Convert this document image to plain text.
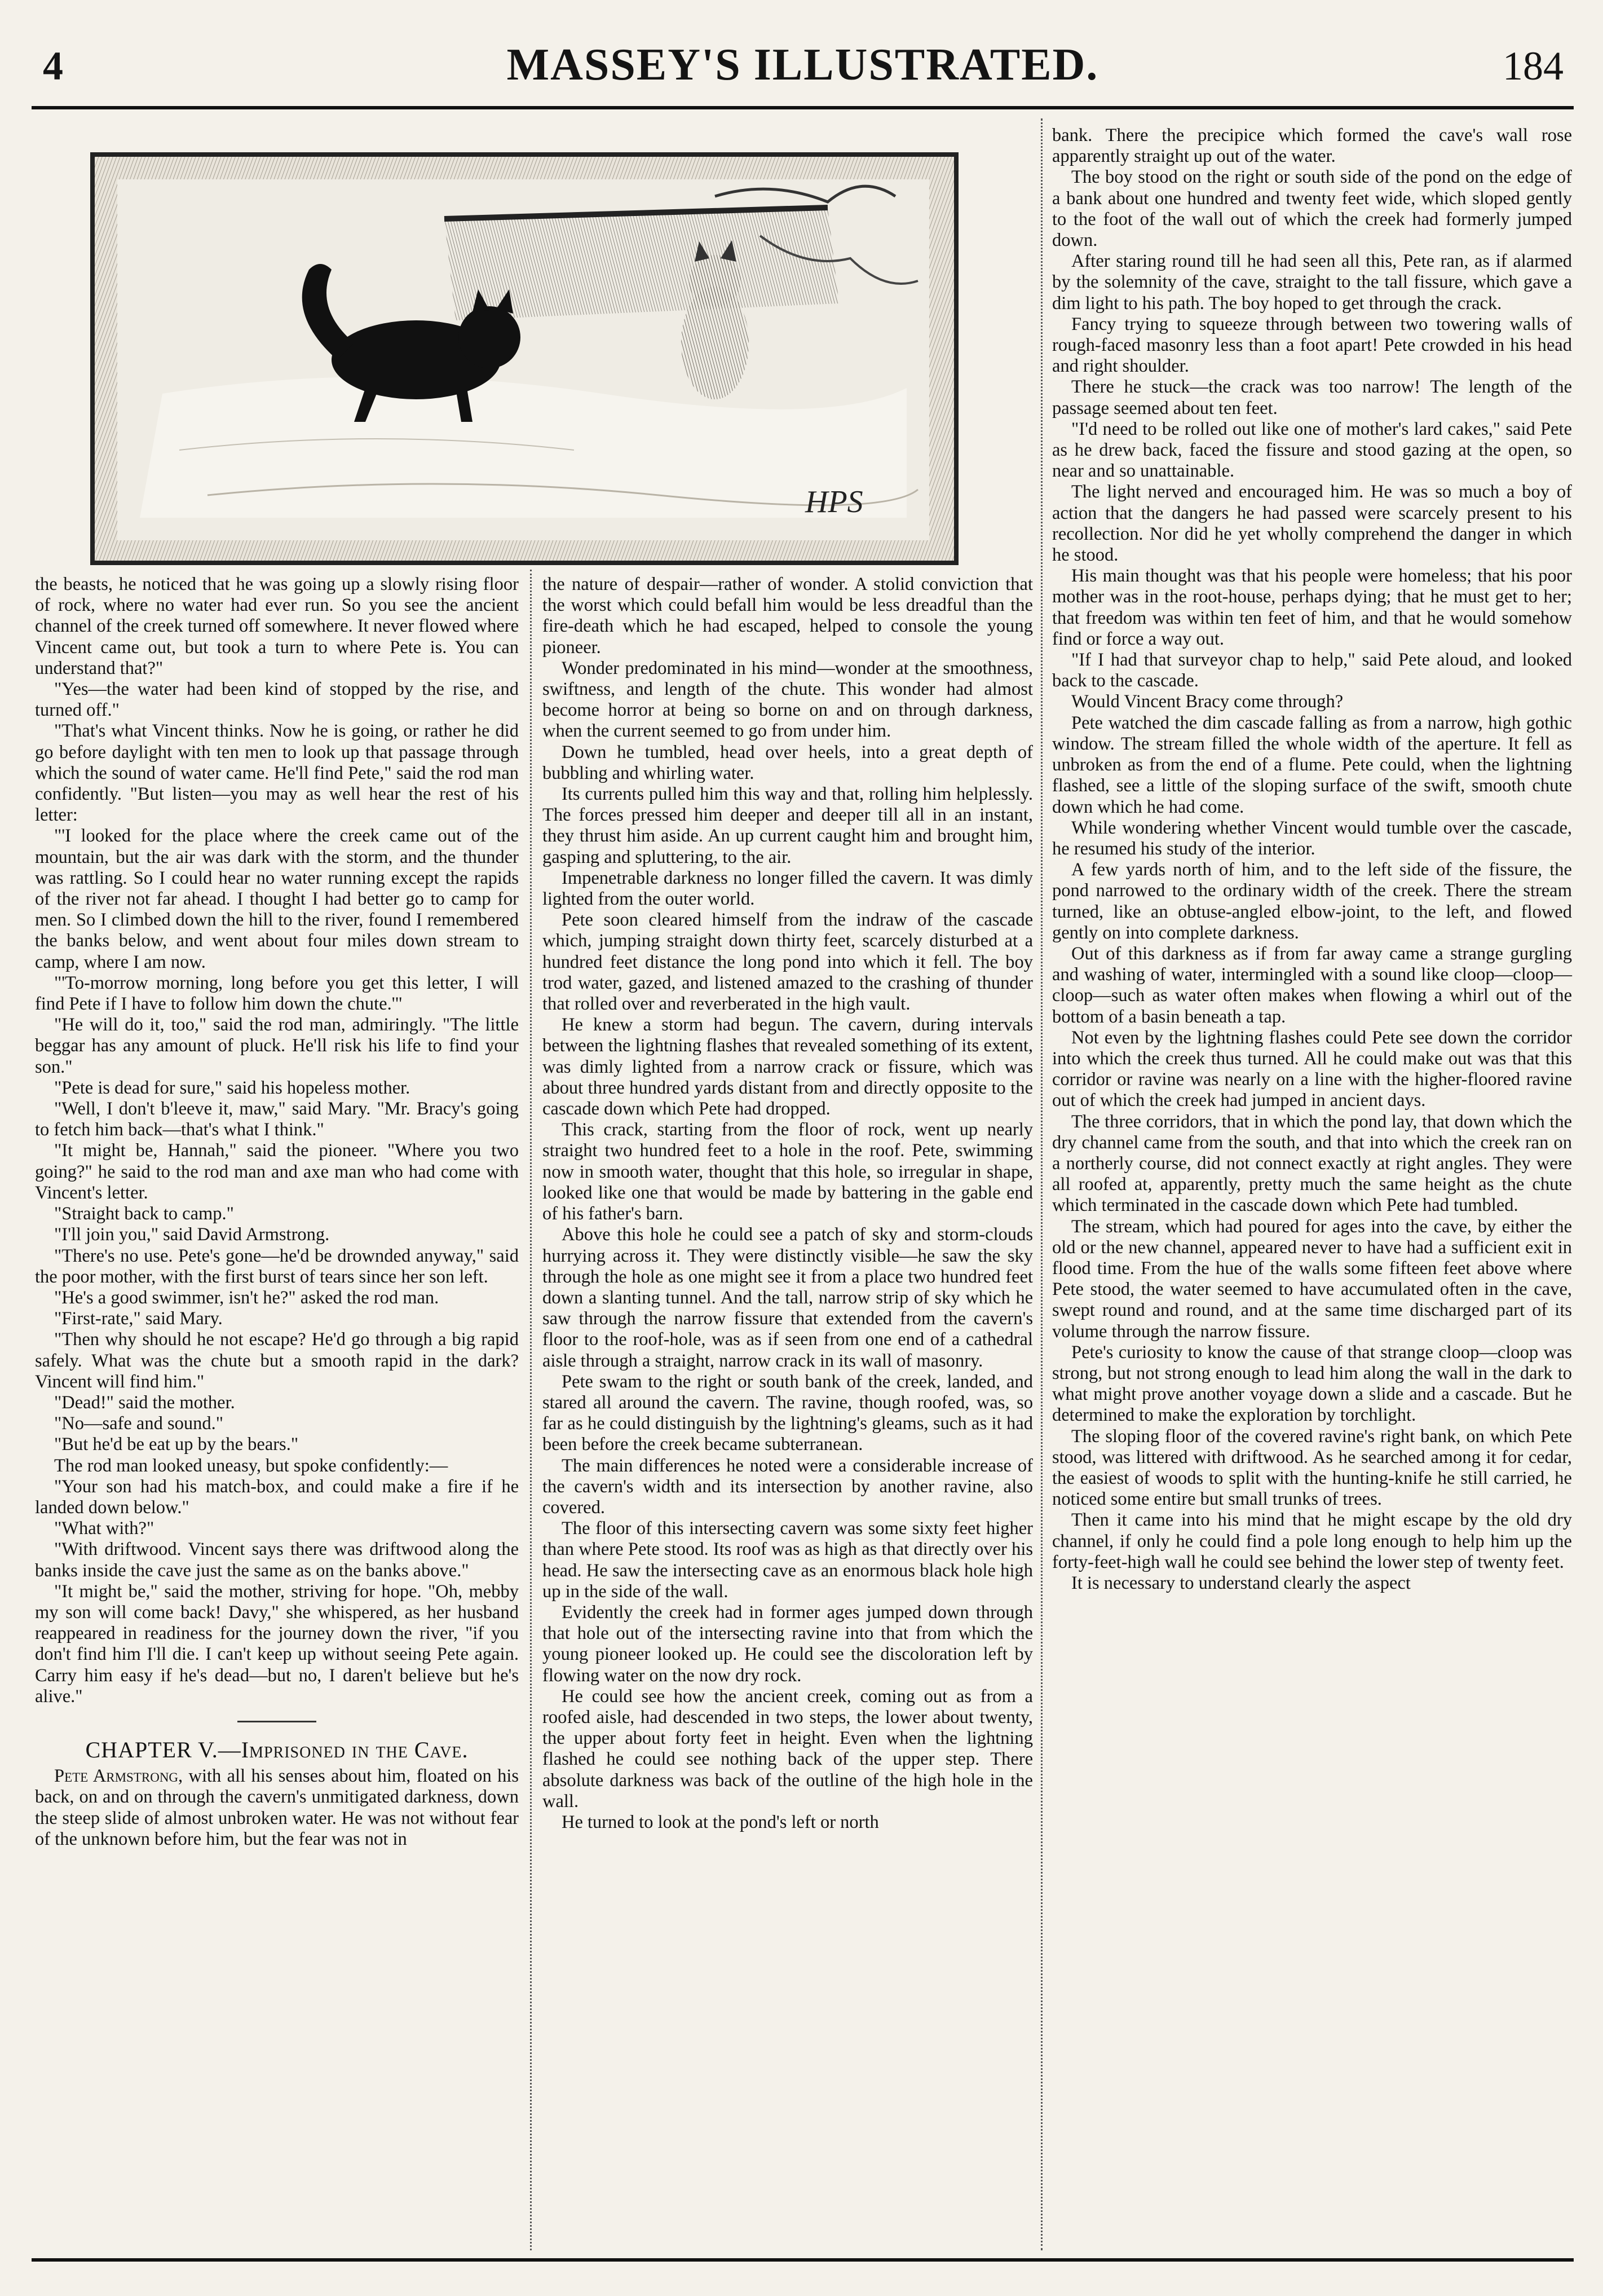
4	MASSEY'S ILLUSTRATED.	184
HPS

the beasts, he noticed that he was going up a slowly rising floor of rock, where no water had ever run. So you see the ancient channel of the creek turned off somewhere. It never flowed where Vincent came out, but took a turn to where Pete is. You can understand that?"

"Yes—the water had been kind of stopped by the rise, and turned off."

"That's what Vincent thinks. Now he is going, or rather he did go before daylight with ten men to look up that passage through which the sound of water came. He'll find Pete," said the rod man confidently. "But listen—you may as well hear the rest of his letter:

"'I looked for the place where the creek came out of the mountain, but the air was dark with the storm, and the thunder was rattling. So I could hear no water running except the rapids of the river not far ahead. I thought I had better go to camp for men. So I climbed down the hill to the river, found I remembered the banks below, and went about four miles down stream to camp, where I am now.

"'To-morrow morning, long before you get this letter, I will find Pete if I have to follow him down the chute.'"

"He will do it, too," said the rod man, admiringly. "The little beggar has any amount of pluck. He'll risk his life to find your son."

"Pete is dead for sure," said his hopeless mother.

"Well, I don't b'leeve it, maw," said Mary. "Mr. Bracy's going to fetch him back—that's what I think."

"It might be, Hannah," said the pioneer. "Where you two going?" he said to the rod man and axe man who had come with Vincent's letter.

"Straight back to camp."

"I'll join you," said David Armstrong.

"There's no use. Pete's gone—he'd be drownded anyway," said the poor mother, with the first burst of tears since her son left.

"He's a good swimmer, isn't he?" asked the rod man.

"First-rate," said Mary.

"Then why should he not escape? He'd go through a big rapid safely. What was the chute but a smooth rapid in the dark? Vincent will find him."

"Dead!" said the mother.

"No—safe and sound."

"But he'd be eat up by the bears."

The rod man looked uneasy, but spoke confidently:—

"Your son had his match-box, and could make a fire if he landed down below."

"What with?"

"With driftwood. Vincent says there was driftwood along the banks inside the cave just the same as on the banks above."

"It might be," said the mother, striving for hope. "Oh, mebby my son will come back! Davy," she whispered, as her husband reappeared in readiness for the journey down the river, "if you don't find him I'll die. I can't keep up without seeing Pete again. Carry him easy if he's dead—but no, I daren't believe but he's alive."

CHAPTER V.—Imprisoned in the Cave.

Pete Armstrong, with all his senses about him, floated on his back, on and on through the cavern's unmitigated darkness, down the steep slide of almost unbroken water. He was not without fear of the unknown before him, but the fear was not in

the nature of despair—rather of wonder. A stolid conviction that the worst which could befall him would be less dreadful than the fire-death which he had escaped, helped to console the young pioneer.

Wonder predominated in his mind—wonder at the smoothness, swiftness, and length of the chute. This wonder had almost become horror at being so borne on and on through darkness, when the current seemed to go from under him.

Down he tumbled, head over heels, into a great depth of bubbling and whirling water.

Its currents pulled him this way and that, rolling him helplessly. The forces pressed him deeper and deeper till all in an instant, they thrust him aside. An up current caught him and brought him, gasping and spluttering, to the air.

Impenetrable darkness no longer filled the cavern. It was dimly lighted from the outer world.

Pete soon cleared himself from the indraw of the cascade which, jumping straight down thirty feet, scarcely disturbed at a hundred feet distance the long pond into which it fell. The boy trod water, gazed, and listened amazed to the crashing of thunder that rolled over and reverberated in the high vault.

He knew a storm had begun. The cavern, during intervals between the lightning flashes that revealed something of its extent, was dimly lighted from a narrow crack or fissure, which was about three hundred yards distant from and directly opposite to the cascade down which Pete had dropped.

This crack, starting from the floor of rock, went up nearly straight two hundred feet to a hole in the roof. Pete, swimming now in smooth water, thought that this hole, so irregular in shape, looked like one that would be made by battering in the gable end of his father's barn.

Above this hole he could see a patch of sky and storm-clouds hurrying across it. They were distinctly visible—he saw the sky through the hole as one might see it from a place two hundred feet down a slanting tunnel. And the tall, narrow strip of sky which he saw through the narrow fissure that extended from the cavern's floor to the roof-hole, was as if seen from one end of a cathedral aisle through a straight, narrow crack in its wall of masonry.

Pete swam to the right or south bank of the creek, landed, and stared all around the cavern. The ravine, though roofed, was, so far as he could distinguish by the lightning's gleams, such as it had been before the creek became subterranean.

The main differences he noted were a considerable increase of the cavern's width and its intersection by another ravine, also covered.

The floor of this intersecting cavern was some sixty feet higher than where Pete stood. Its roof was as high as that directly over his head. He saw the intersecting cave as an enormous black hole high up in the side of the wall.

Evidently the creek had in former ages jumped down through that hole out of the intersecting ravine into that from which the young pioneer looked up. He could see the discoloration left by flowing water on the now dry rock.

He could see how the ancient creek, coming out as from a roofed aisle, had descended in two steps, the lower about twenty, the upper about forty feet in height. Even when the lightning flashed he could see nothing back of the upper step. There absolute darkness was back of the outline of the high hole in the wall.

He turned to look at the pond's left or north

bank. There the precipice which formed the cave's wall rose apparently straight up out of the water.

The boy stood on the right or south side of the pond on the edge of a bank about one hundred and twenty feet wide, which sloped gently to the foot of the wall out of which the creek had formerly jumped down.

After staring round till he had seen all this, Pete ran, as if alarmed by the solemnity of the cave, straight to the tall fissure, which gave a dim light to his path. The boy hoped to get through the crack.

Fancy trying to squeeze through between two towering walls of rough-faced masonry less than a foot apart! Pete crowded in his head and right shoulder.

There he stuck—the crack was too narrow! The length of the passage seemed about ten feet.

"I'd need to be rolled out like one of mother's lard cakes," said Pete as he drew back, faced the fissure and stood gazing at the open, so near and so unattainable.

The light nerved and encouraged him. He was so much a boy of action that the dangers he had passed were scarcely present to his recollection. Nor did he yet wholly comprehend the danger in which he stood.

His main thought was that his people were homeless; that his poor mother was in the root-house, perhaps dying; that he must get to her; that freedom was within ten feet of him, and that he would somehow find or force a way out.

"If I had that surveyor chap to help," said Pete aloud, and looked back to the cascade.

Would Vincent Bracy come through?

Pete watched the dim cascade falling as from a narrow, high gothic window. The stream filled the whole width of the aperture. It fell as unbroken as from the end of a flume. Pete could, when the lightning flashed, see a little of the sloping surface of the swift, smooth chute down which he had come.

While wondering whether Vincent would tumble over the cascade, he resumed his study of the interior.

A few yards north of him, and to the left side of the fissure, the pond narrowed to the ordinary width of the creek. There the stream turned, like an obtuse-angled elbow-joint, to the left, and flowed gently on into complete darkness.

Out of this darkness as if from far away came a strange gurgling and washing of water, intermingled with a sound like cloop—cloop—cloop—such as water often makes when flowing a whirl out of the bottom of a basin beneath a tap.

Not even by the lightning flashes could Pete see down the corridor into which the creek thus turned. All he could make out was that this corridor or ravine was nearly on a line with the higher-floored ravine out of which the creek had jumped in ancient days.

The three corridors, that in which the pond lay, that down which the dry channel came from the south, and that into which the creek ran on a northerly course, did not connect exactly at right angles. They were all roofed at, apparently, pretty much the same height as the chute which terminated in the cascade down which Pete had tumbled.

The stream, which had poured for ages into the cave, by either the old or the new channel, appeared never to have had a sufficient exit in flood time. From the hue of the walls some fifteen feet above where Pete stood, the water seemed to have accumulated often in the cave, swept round and round, and at the same time discharged part of its volume through the narrow fissure.

Pete's curiosity to know the cause of that strange cloop—cloop was strong, but not strong enough to lead him along the wall in the dark to what might prove another voyage down a slide and a cascade. But he determined to make the exploration by torchlight.

The sloping floor of the covered ravine's right bank, on which Pete stood, was littered with driftwood. As he searched among it for cedar, the easiest of woods to split with the hunting-knife he still carried, he noticed some entire but small trunks of trees.

Then it came into his mind that he might escape by the old dry channel, if only he could find a pole long enough to help him up the forty-feet-high wall he could see behind the lower step of twenty feet.

It is necessary to understand clearly the aspect
